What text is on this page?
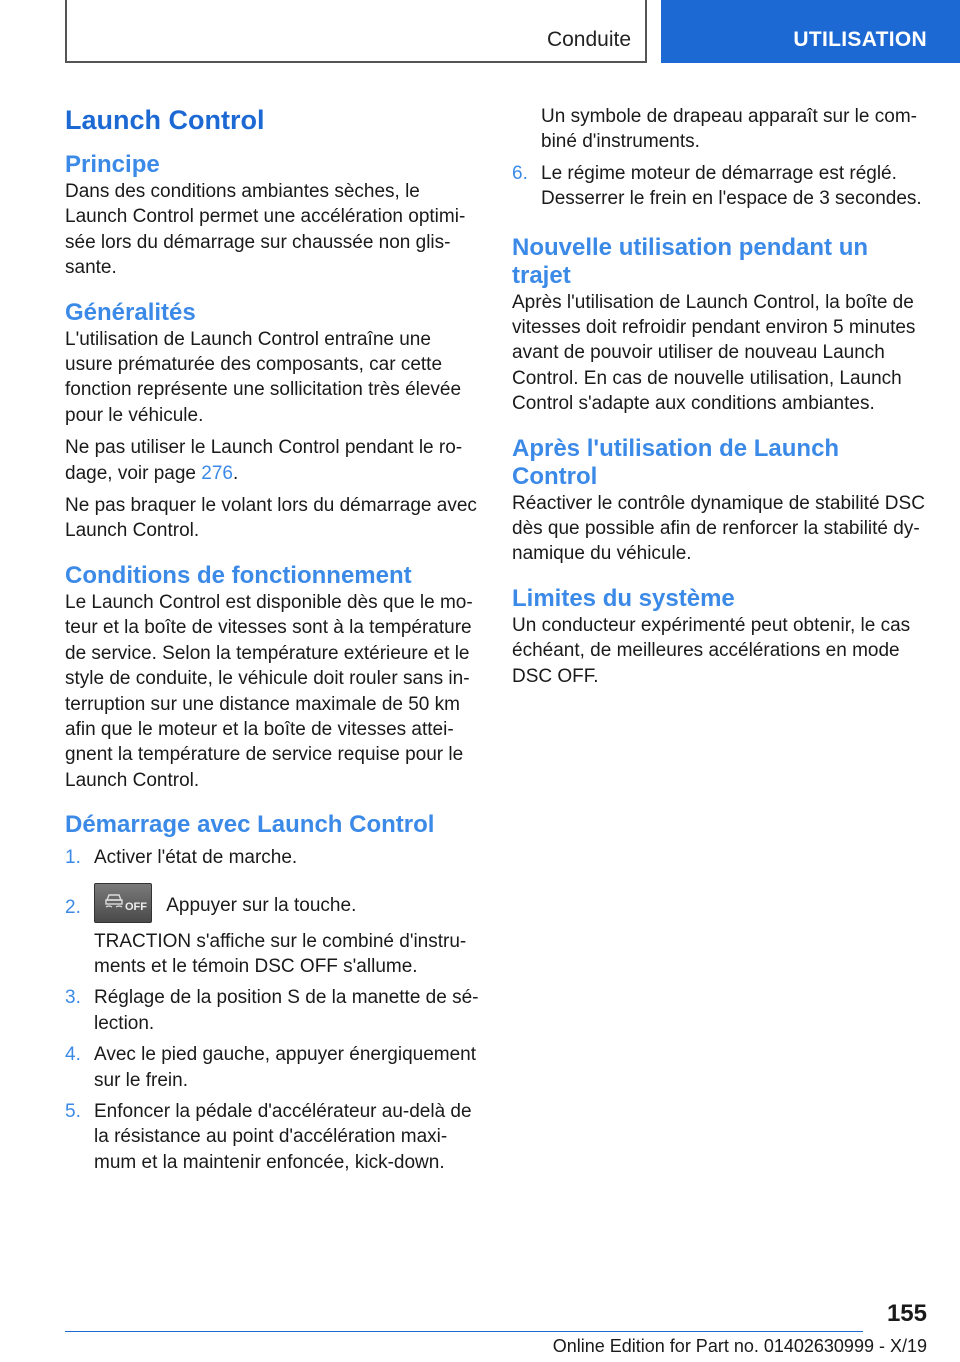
Conduite	UTILISATION
Launch Control
Principe

Dans des conditions ambiantes sèches, le Launch Control permet une accélération optimisée lors du démarrage sur chaussée non glissante.

Généralités

L'utilisation de Launch Control entraîne une usure prématurée des composants, car cette fonction représente une sollicitation très élevée pour le véhicule.

Ne pas utiliser le Launch Control pendant le rodage, voir page 276.

Ne pas braquer le volant lors du démarrage avec Launch Control.

Conditions de fonctionnement

Le Launch Control est disponible dès que le moteur et la boîte de vitesses sont à la température de service. Selon la température extérieure et le style de conduite, le véhicule doit rouler sans interruption sur une distance maximale de 50 km afin que le moteur et la boîte de vitesses atteignent la température de service requise pour le Launch Control.

Démarrage avec Launch Control
1. Activer l'état de marche.
2.	OFF Appuyer sur la touche.
TRACTION s'affiche sur le combiné d'instruments et le témoin DSC OFF s'allume.
3. Réglage de la position S de la manette de sélection.
4. Avec le pied gauche, appuyer énergiquement sur le frein.
5. Enfoncer la pédale d'accélérateur au-delà de la résistance au point d'accélération maximum et la maintenir enfoncée, kick-down.

Un symbole de drapeau apparaît sur le combiné d'instruments.

6. Le régime moteur de démarrage est réglé. Desserrer le frein en l'espace de 3 secondes.
Nouvelle utilisation pendant un trajet

Après l'utilisation de Launch Control, la boîte de vitesses doit refroidir pendant environ 5 minutes avant de pouvoir utiliser de nouveau Launch Control. En cas de nouvelle utilisation, Launch Control s'adapte aux conditions ambiantes.

Après l'utilisation de Launch Control

Réactiver le contrôle dynamique de stabilité DSC dès que possible afin de renforcer la stabilité dynamique du véhicule.

Limites du système

Un conducteur expérimenté peut obtenir, le cas échéant, de meilleures accélérations en mode DSC OFF.

155
Online Edition for Part no. 01402630999 - X/19
